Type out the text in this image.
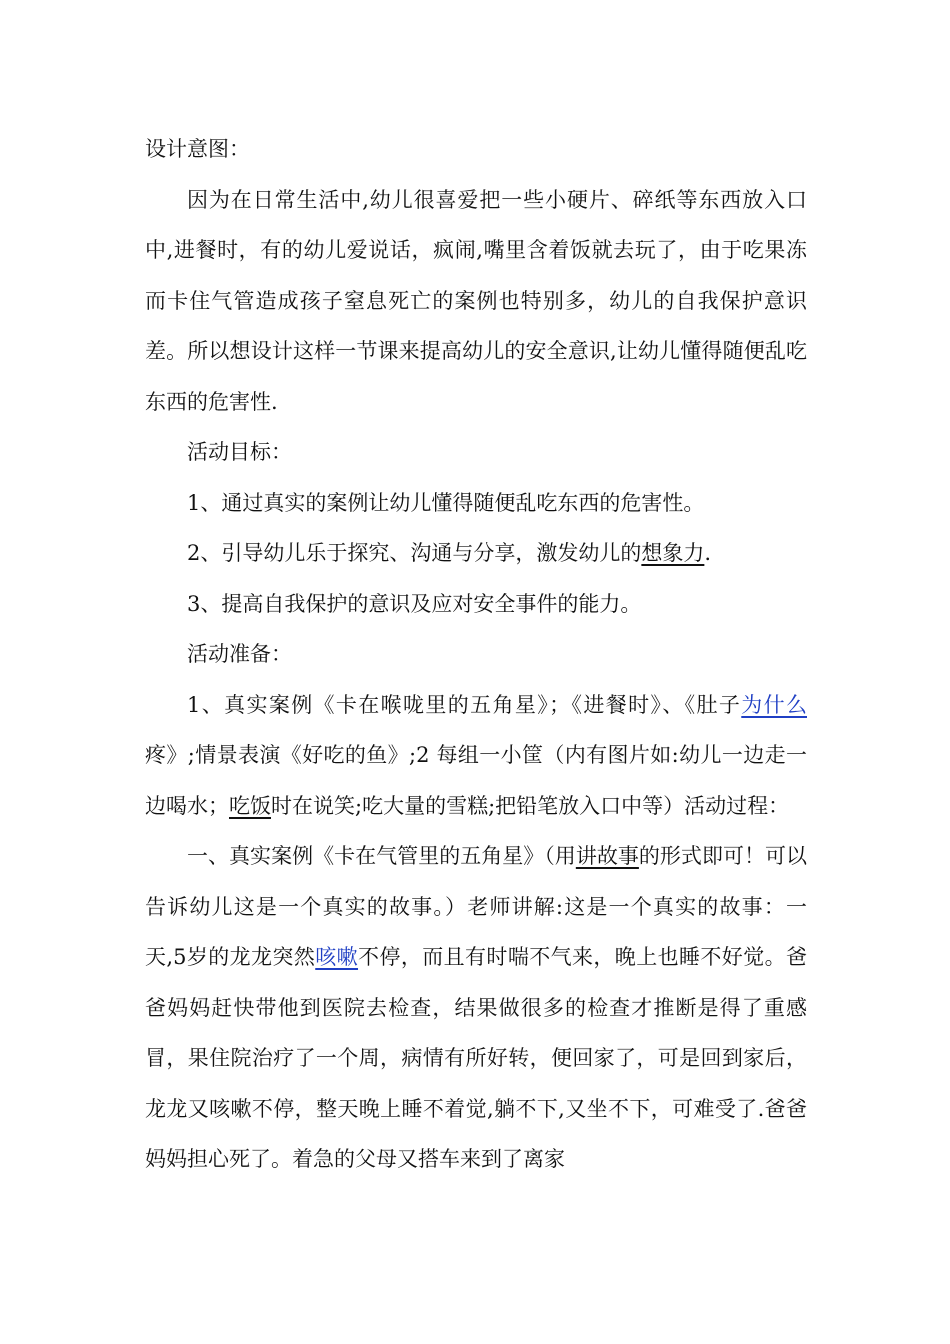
设计意图：

因为在日常生活中,幼儿很喜爱把一些小硬片、碎纸等东西放入口中,进餐时，有的幼儿爱说话，疯闹,嘴里含着饭就去玩了，由于吃果冻而卡住气管造成孩子窒息死亡的案例也特别多，幼儿的自我保护意识差。所以想设计这样一节课来提高幼儿的安全意识,让幼儿懂得随便乱吃东西的危害性.

活动目标：

1、通过真实的案例让幼儿懂得随便乱吃东西的危害性。

2、引导幼儿乐于探究、沟通与分享，激发幼儿的想象力.

3、提高自我保护的意识及应对安全事件的能力。

活动准备：

1、真实案例《卡在喉咙里的五角星》；《进餐时》、《肚子为什么疼》;情景表演《好吃的鱼》;2 每组一小筐（内有图片如:幼儿一边走一边喝水；吃饭时在说笑;吃大量的雪糕;把铅笔放入口中等）活动过程：

一、真实案例《卡在气管里的五角星》（用讲故事的形式即可！可以告诉幼儿这是一个真实的故事。）老师讲解:这是一个真实的故事：一天,5岁的龙龙突然咳嗽不停，而且有时喘不气来，晚上也睡不好觉。爸爸妈妈赶快带他到医院去检查，结果做很多的检查才推断是得了重感冒，果住院治疗了一个周，病情有所好转，便回家了，可是回到家后，龙龙又咳嗽不停，整天晚上睡不着觉,躺不下,又坐不下，可难受了.爸爸妈妈担心死了。着急的父母又搭车来到了离家
